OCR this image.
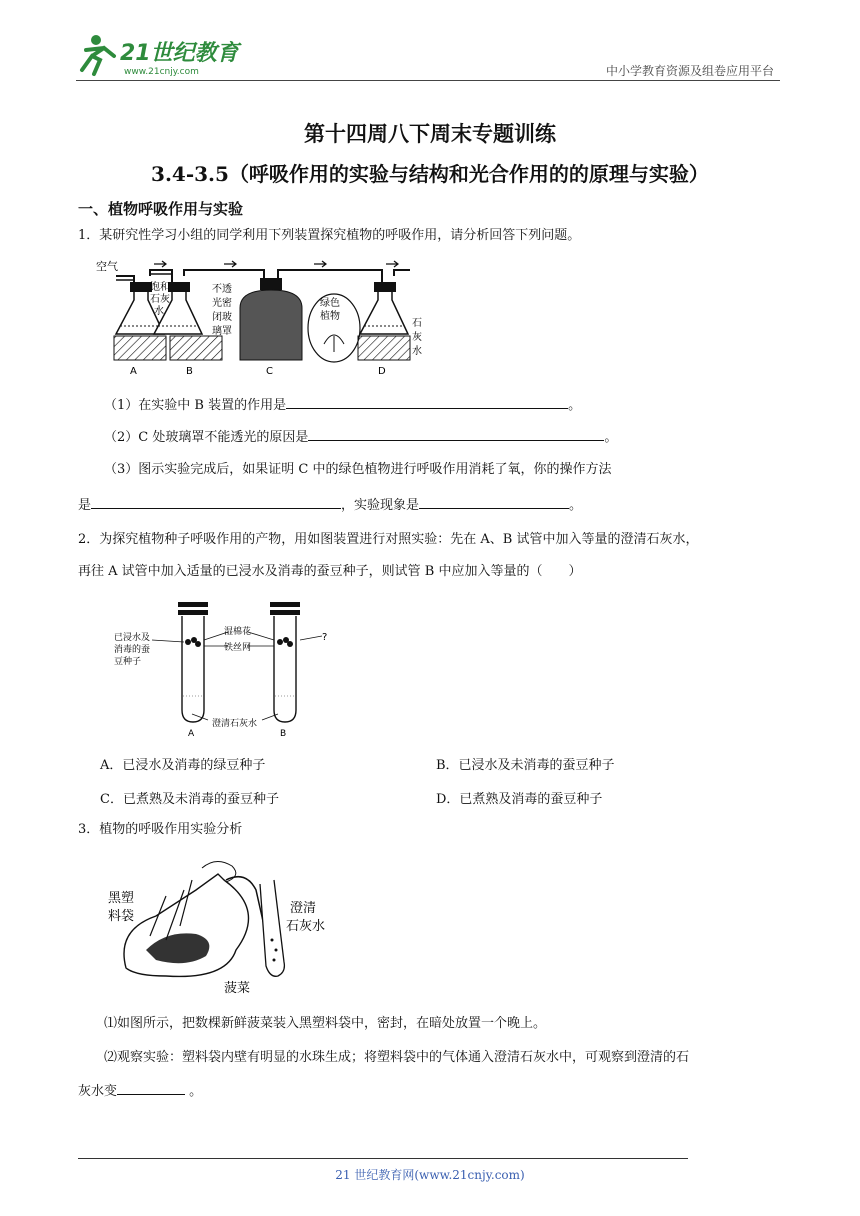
21世纪教育
www.21cnjy.com	中小学教育资源及组卷应用平台
第十四周八下周末专题训练
3.4-3.5（呼吸作用的实验与结构和光合作用的的原理与实验）
一、植物呼吸作用与实验
1．某研究性学习小组的同学利用下列装置探究植物的呼吸作用，请分析回答下列问题。
空气
饱和
石灰
水
不透
光密
闭玻
璃罩
绿色
植物
石
灰
水
A	B	C	D
（1）在实验中 B 装置的作用是	。
（2）C 处玻璃罩不能透光的原因是	。
（3）图示实验完成后，如果证明 C 中的绿色植物进行呼吸作用消耗了氧，你的操作方法
是	，实验现象是	。
2．为探究植物种子呼吸作用的产物，用如图装置进行对照实验：先在 A、B 试管中加入等量的澄清石灰水，
再往 A 试管中加入适量的已浸水及消毒的蚕豆种子，则试管 B 中应加入等量的（　　）
已浸水及
消毒的蚕
豆种子
湿棉花
铁丝网
?
澄清石灰水
A	B
A．已浸水及消毒的绿豆种子	B．已浸水及未消毒的蚕豆种子
C．已煮熟及未消毒的蚕豆种子	D．已煮熟及消毒的蚕豆种子
3．植物的呼吸作用实验分析
黑塑
料袋
澄清
石灰水
菠菜
⑴如图所示，把数棵新鲜菠菜装入黑塑料袋中，密封，在暗处放置一个晚上。
⑵观察实验：塑料袋内壁有明显的水珠生成；将塑料袋中的气体通入澄清石灰水中，可观察到澄清的石
灰水变	。
21 世纪教育网(www.21cnjy.com)
